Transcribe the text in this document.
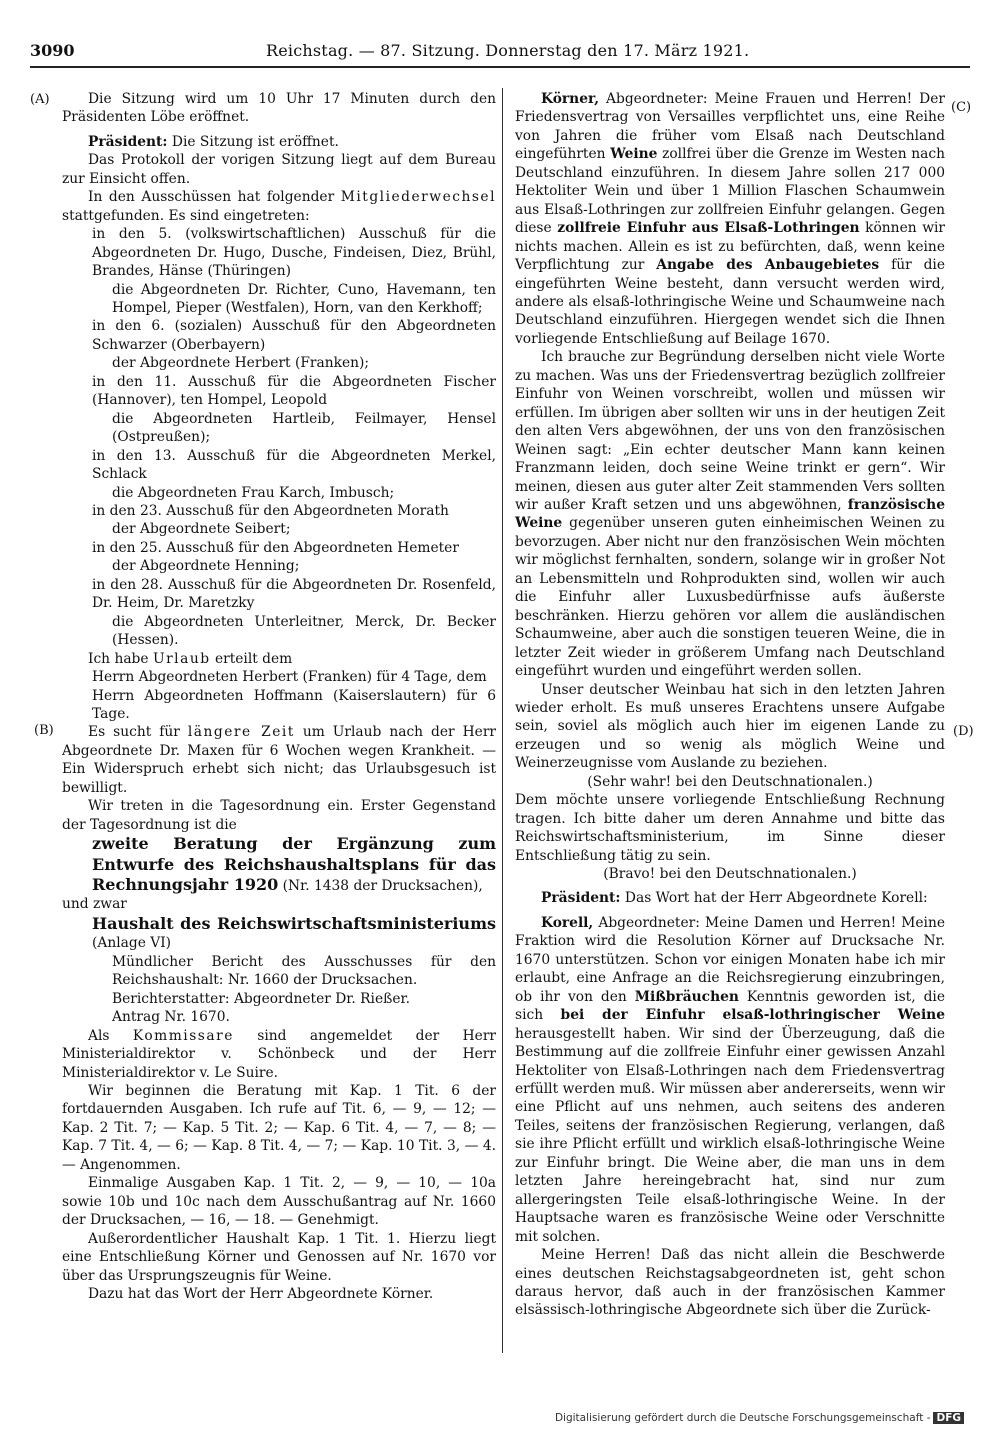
3090	Reichstag. — 87. Sitzung. Donnerstag den 17. März 1921.
(A)
(B)
(C)
(D)

Die Sitzung wird um 10 Uhr 17 Minuten durch den Präsidenten Löbe eröffnet.

Präsident: Die Sitzung ist eröffnet.

Das Protokoll der vorigen Sitzung liegt auf dem Bureau zur Einsicht offen.

In den Ausschüssen hat folgender Mitgliederwechsel stattgefunden. Es sind eingetreten:

in den 5. (volkswirtschaftlichen) Ausschuß für die Abgeordneten Dr. Hugo, Dusche, Findeisen, Diez, Brühl, Brandes, Hänse (Thüringen)

die Abgeordneten Dr. Richter, Cuno, Havemann, ten Hompel, Pieper (Westfalen), Horn, van den Kerkhoff;

in den 6. (sozialen) Ausschuß für den Abgeordneten Schwarzer (Oberbayern)

der Abgeordnete Herbert (Franken);

in den 11. Ausschuß für die Abgeordneten Fischer (Hannover), ten Hompel, Leopold

die Abgeordneten Hartleib, Feilmayer, Hensel (Ostpreußen);

in den 13. Ausschuß für die Abgeordneten Merkel, Schlack

die Abgeordneten Frau Karch, Imbusch;

in den 23. Ausschuß für den Abgeordneten Morath

der Abgeordnete Seibert;

in den 25. Ausschuß für den Abgeordneten Hemeter

der Abgeordnete Henning;

in den 28. Ausschuß für die Abgeordneten Dr. Rosenfeld, Dr. Heim, Dr. Maretzky

die Abgeordneten Unterleitner, Merck, Dr. Becker (Hessen).

Ich habe Urlaub erteilt dem

Herrn Abgeordneten Herbert (Franken) für 4 Tage, dem

Herrn Abgeordneten Hoffmann (Kaiserslautern) für 6 Tage.

Es sucht für längere Zeit um Urlaub nach der Herr Abgeordnete Dr. Maxen für 6 Wochen wegen Krankheit. — Ein Widerspruch erhebt sich nicht; das Urlaubsgesuch ist bewilligt.

Wir treten in die Tagesordnung ein. Erster Gegenstand der Tagesordnung ist die

zweite Beratung der Ergänzung zum Entwurfe des Reichshaushaltsplans für das Rechnungsjahr 1920 (Nr. 1438 der Drucksachen),

und zwar

Haushalt des Reichswirtschaftsministeriums (Anlage VI)

Mündlicher Bericht des Ausschusses für den Reichshaushalt: Nr. 1660 der Drucksachen.

Berichterstatter: Abgeordneter Dr. Rießer.

Antrag Nr. 1670.

Als Kommissare sind angemeldet der Herr Ministerialdirektor v. Schönbeck und der Herr Ministerialdirektor v. Le Suire.

Wir beginnen die Beratung mit Kap. 1 Tit. 6 der fortdauernden Ausgaben. Ich rufe auf Tit. 6, — 9, — 12; — Kap. 2 Tit. 7; — Kap. 5 Tit. 2; — Kap. 6 Tit. 4, — 7, — 8; — Kap. 7 Tit. 4, — 6; — Kap. 8 Tit. 4, — 7; — Kap. 10 Tit. 3, — 4. — Angenommen.

Einmalige Ausgaben Kap. 1 Tit. 2, — 9, — 10, — 10a sowie 10b und 10c nach dem Ausschußantrag auf Nr. 1660 der Drucksachen, — 16, — 18. — Genehmigt.

Außerordentlicher Haushalt Kap. 1 Tit. 1. Hierzu liegt eine Entschließung Körner und Genossen auf Nr. 1670 vor über das Ursprungszeugnis für Weine.

Dazu hat das Wort der Herr Abgeordnete Körner.

Körner, Abgeordneter: Meine Frauen und Herren! Der Friedensvertrag von Versailles verpflichtet uns, eine Reihe von Jahren die früher vom Elsaß nach Deutschland eingeführten Weine zollfrei über die Grenze im Westen nach Deutschland einzuführen. In diesem Jahre sollen 217 000 Hektoliter Wein und über 1 Million Flaschen Schaumwein aus Elsaß-Lothringen zur zollfreien Einfuhr gelangen. Gegen diese zollfreie Einfuhr aus Elsaß-Lothringen können wir nichts machen. Allein es ist zu befürchten, daß, wenn keine Verpflichtung zur Angabe des Anbaugebietes für die eingeführten Weine besteht, dann versucht werden wird, andere als elsaß-lothringische Weine und Schaumweine nach Deutschland einzuführen. Hiergegen wendet sich die Ihnen vorliegende Entschließung auf Beilage 1670.

Ich brauche zur Begründung derselben nicht viele Worte zu machen. Was uns der Friedensvertrag bezüglich zollfreier Einfuhr von Weinen vorschreibt, wollen und müssen wir erfüllen. Im übrigen aber sollten wir uns in der heutigen Zeit den alten Vers abgewöhnen, der uns von den französischen Weinen sagt: „Ein echter deutscher Mann kann keinen Franzmann leiden, doch seine Weine trinkt er gern“. Wir meinen, diesen aus guter alter Zeit stammenden Vers sollten wir außer Kraft setzen und uns abgewöhnen, französische Weine gegenüber unseren guten einheimischen Weinen zu bevorzugen. Aber nicht nur den französischen Wein möchten wir möglichst fernhalten, sondern, solange wir in großer Not an Lebensmitteln und Rohprodukten sind, wollen wir auch die Einfuhr aller Luxusbedürfnisse aufs äußerste beschränken. Hierzu gehören vor allem die ausländischen Schaumweine, aber auch die sonstigen teueren Weine, die in letzter Zeit wieder in größerem Umfang nach Deutschland eingeführt wurden und eingeführt werden sollen.

Unser deutscher Weinbau hat sich in den letzten Jahren wieder erholt. Es muß unseres Erachtens unsere Aufgabe sein, soviel als möglich auch hier im eigenen Lande zu erzeugen und so wenig als möglich Weine und Weinerzeugnisse vom Auslande zu beziehen.

(Sehr wahr! bei den Deutschnationalen.)

Dem möchte unsere vorliegende Entschließung Rechnung tragen. Ich bitte daher um deren Annahme und bitte das Reichswirtschaftsministerium, im Sinne dieser Entschließung tätig zu sein.

(Bravo! bei den Deutschnationalen.)

Präsident: Das Wort hat der Herr Abgeordnete Korell:

Korell, Abgeordneter: Meine Damen und Herren! Meine Fraktion wird die Resolution Körner auf Drucksache Nr. 1670 unterstützen. Schon vor einigen Monaten habe ich mir erlaubt, eine Anfrage an die Reichsregierung einzubringen, ob ihr von den Mißbräuchen Kenntnis geworden ist, die sich bei der Einfuhr elsaß-lothringischer Weine herausgestellt haben. Wir sind der Überzeugung, daß die Bestimmung auf die zollfreie Einfuhr einer gewissen Anzahl Hektoliter von Elsaß-Lothringen nach dem Friedensvertrag erfüllt werden muß. Wir müssen aber andererseits, wenn wir eine Pflicht auf uns nehmen, auch seitens des anderen Teiles, seitens der französischen Regierung, verlangen, daß sie ihre Pflicht erfüllt und wirklich elsaß-lothringische Weine zur Einfuhr bringt. Die Weine aber, die man uns in dem letzten Jahre hereingebracht hat, sind nur zum allergeringsten Teile elsaß-lothringische Weine. In der Hauptsache waren es französische Weine oder Verschnitte mit solchen.

Meine Herren! Daß das nicht allein die Beschwerde eines deutschen Reichstagsabgeordneten ist, geht schon daraus hervor, daß auch in der französischen Kammer elsässisch-lothringische Abgeordnete sich über die Zurück-

Digitalisierung gefördert durch die Deutsche Forschungsgemeinschaft - DFG
